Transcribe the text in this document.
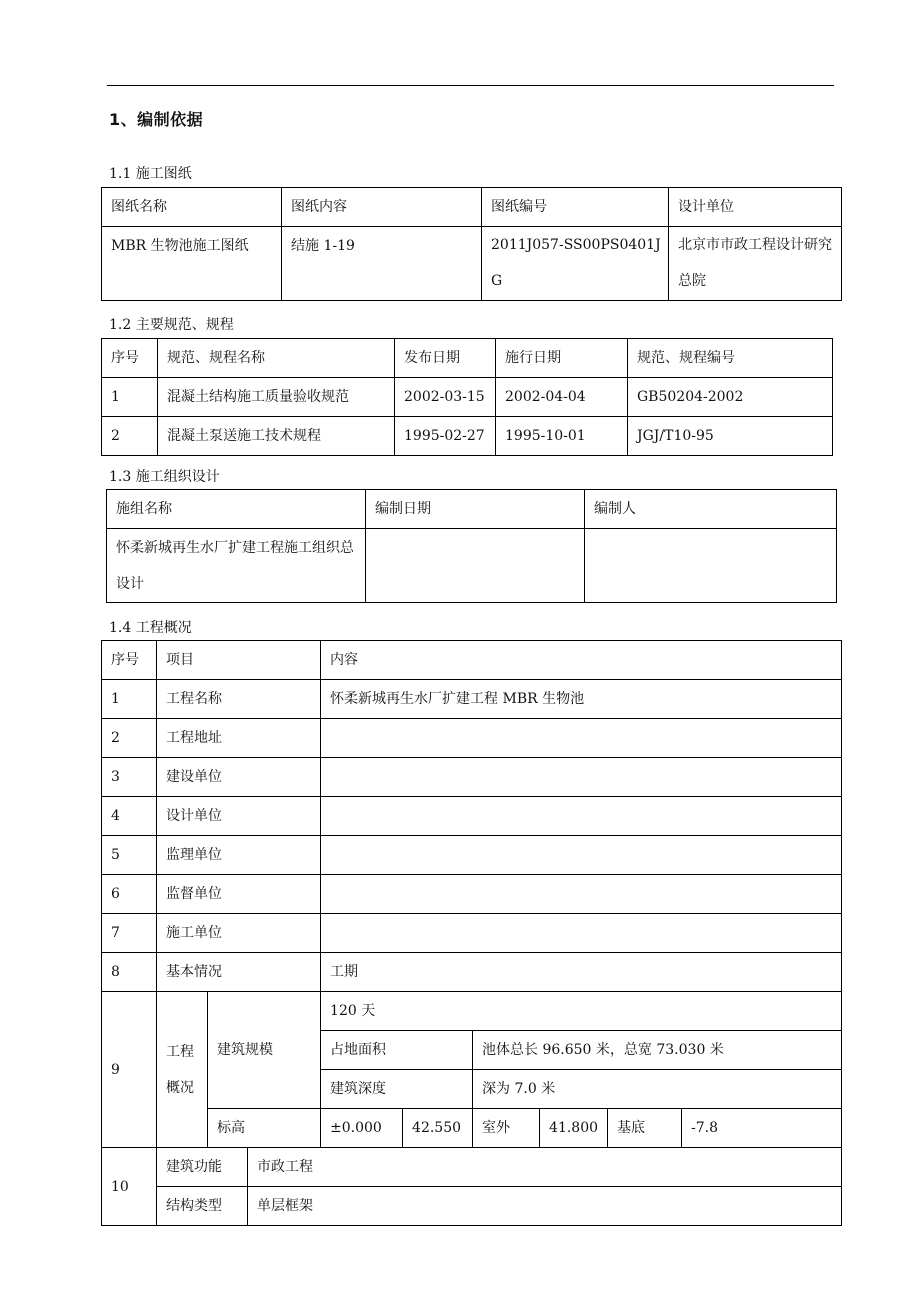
1、编制依据
1.1 施工图纸
图纸名称	图纸内容	图纸编号	设计单位
MBR 生物池施工图纸	结施 1-19	2011J057-SS00PS0401JG	北京市市政工程设计研究总院
1.2 主要规范、规程
序号	规范、规程名称	发布日期	施行日期	规范、规程编号
1	混凝土结构施工质量验收规范	2002-03-15	2002-04-04	GB50204-2002
2	混凝土泵送施工技术规程	1995-02-27	1995-10-01	JGJ/T10-95
1.3 施工组织设计
施组名称	编制日期	编制人
怀柔新城再生水厂扩建工程施工组织总设计		
1.4 工程概况
序号	项目			内容					
1	工程名称			怀柔新城再生水厂扩建工程 MBR 生物池					
2	工程地址								
3	建设单位								
4	设计单位								
5	监理单位								
6	监督单位								
7	施工单位								
8	基本情况			工期					
9	工程概况	建筑规模		120 天					
				占地面积		池体总长 96.650 米，总宽 73.030 米			
				建筑深度		深为 7.0 米			
		标高		±0.000	42.550	室外	41.800	基底	-7.8
10	建筑功能		市政工程						
	结构类型		单层框架						
